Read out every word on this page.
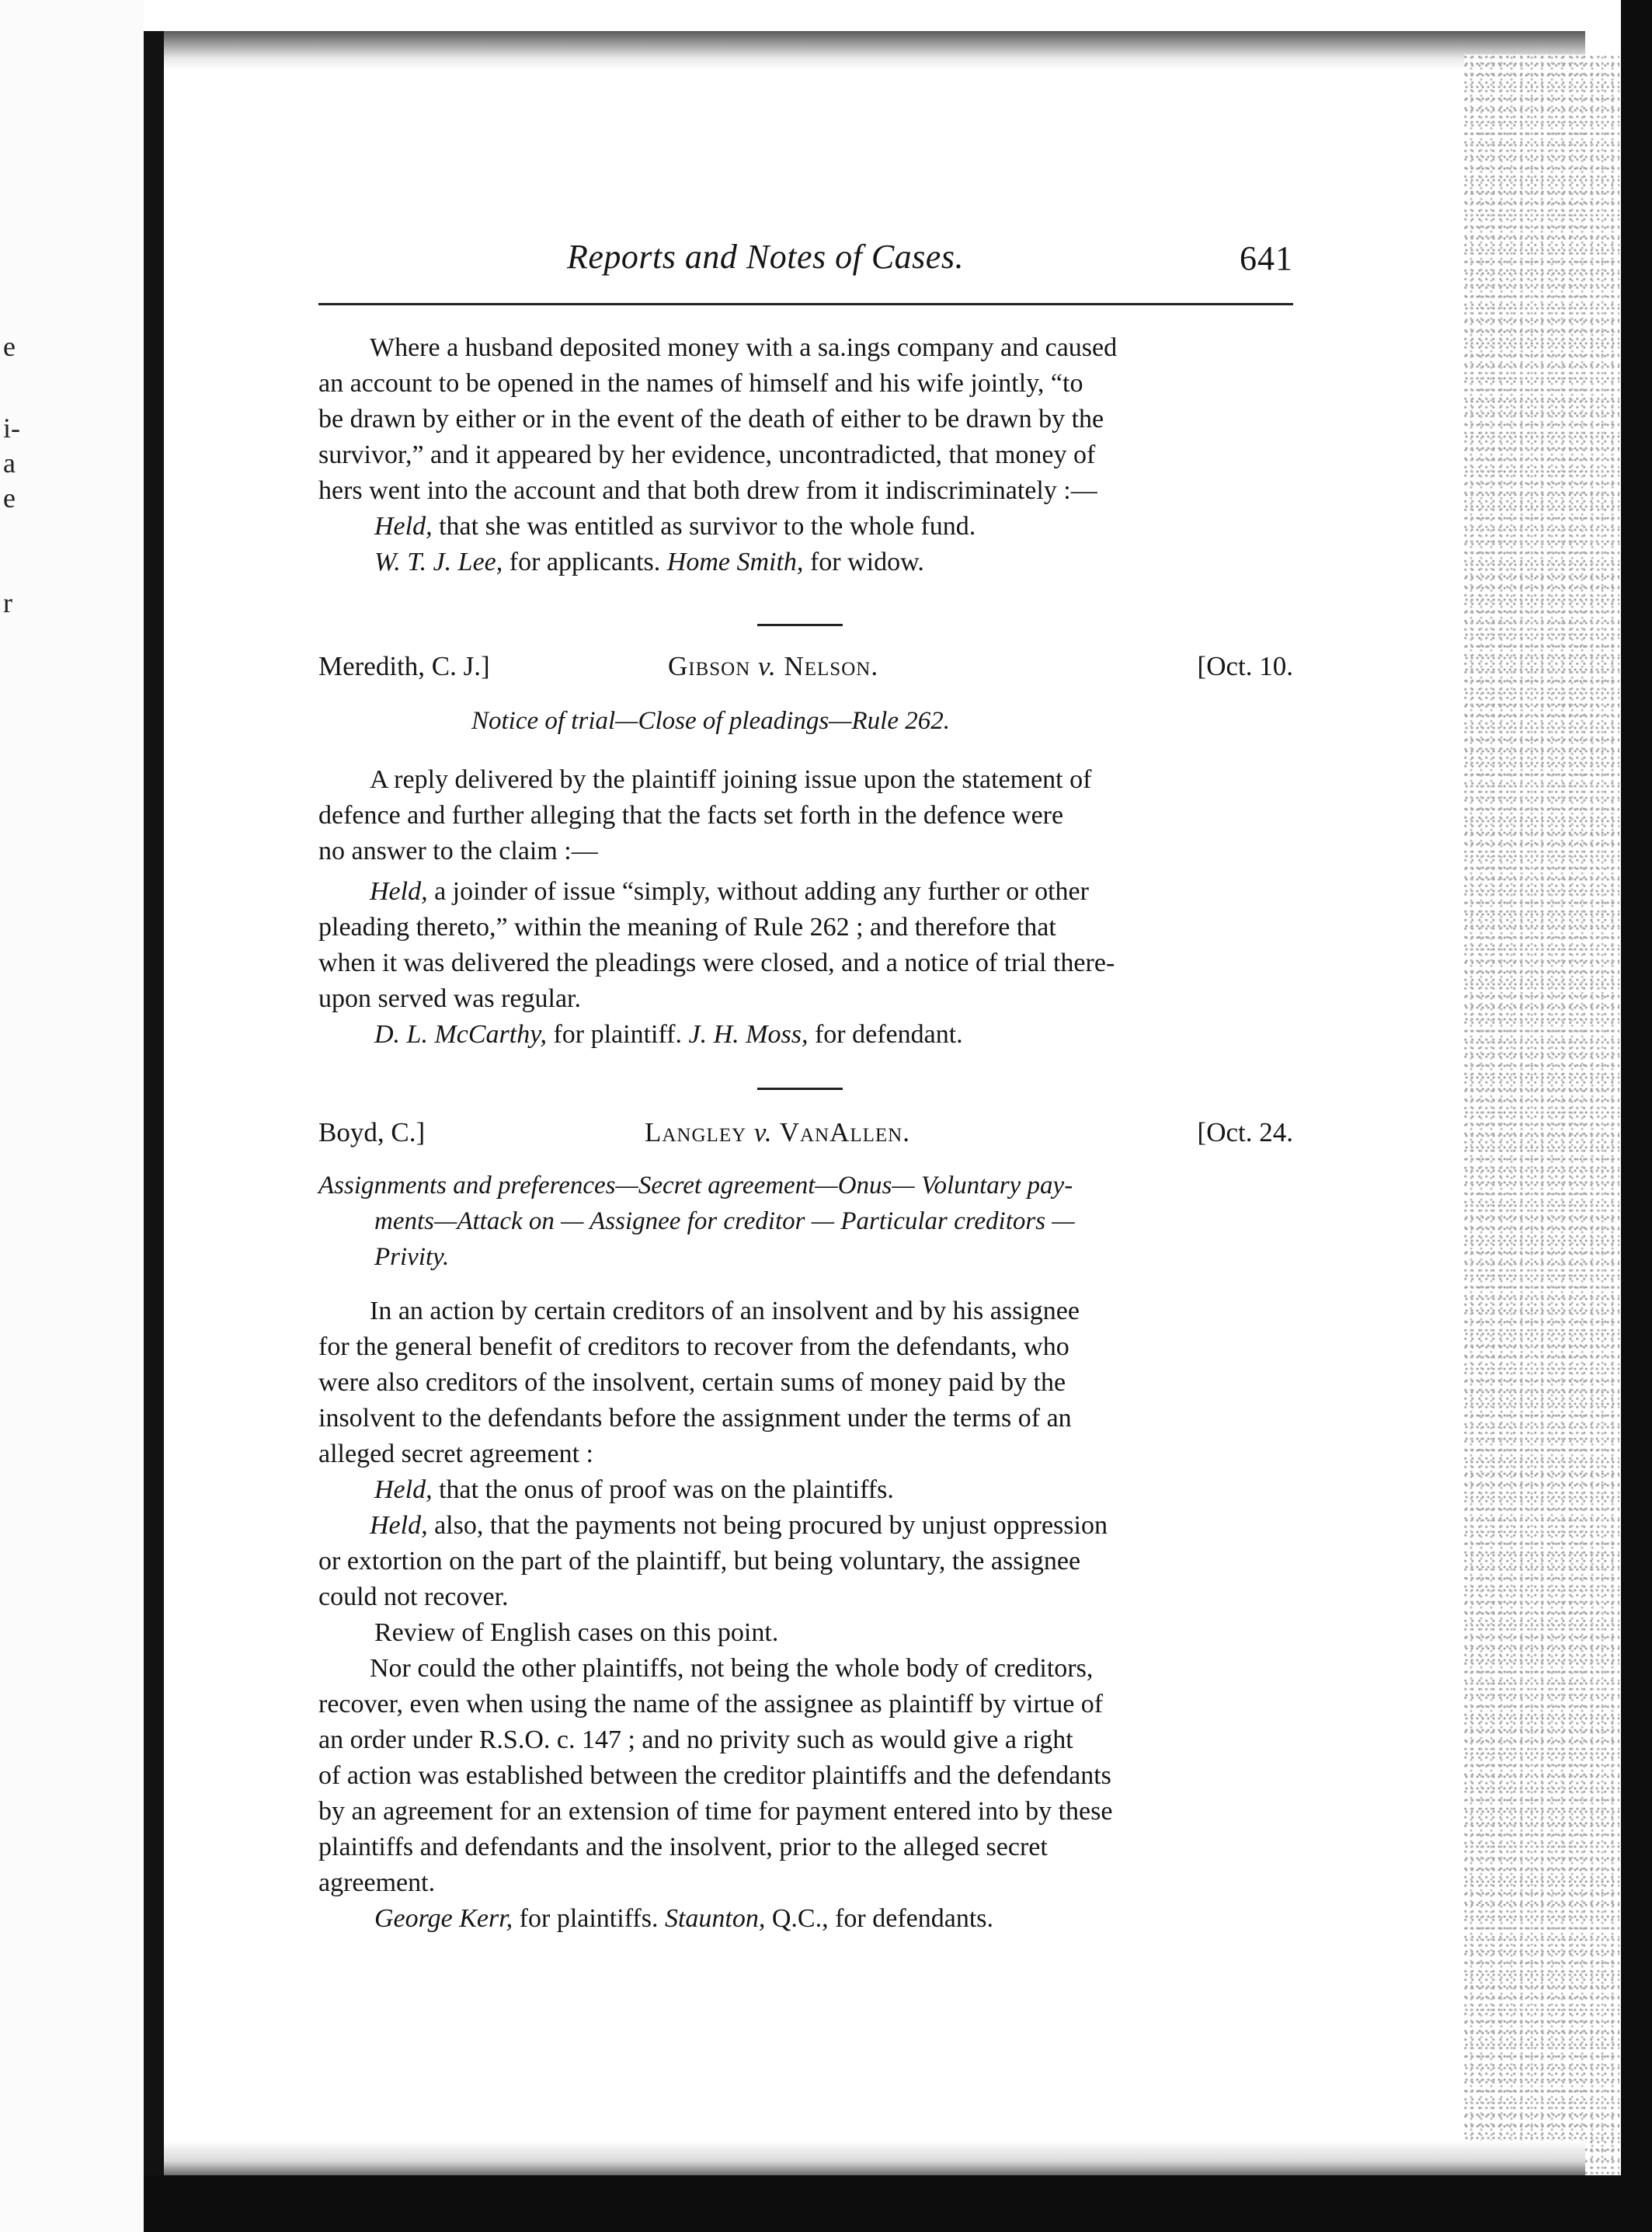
e
i-
a
e
r
Reports and Notes of Cases.	641

Where a husband deposited money with a sa.ings company and caused
an account to be opened in the names of himself and his wife jointly, “to
be drawn by either or in the event of the death of either to be drawn by the
survivor,” and it appeared by her evidence, uncontradicted, that money of
hers went into the account and that both drew from it indiscriminately :—

Held, that she was entitled as survivor to the whole fund.

W. T. J. Lee, for applicants. Home Smith, for widow.

Meredith, C. J.]	Gibson v. Nelson.	[Oct. 10.
Notice of trial—Close of pleadings—Rule 262.

A reply delivered by the plaintiff joining issue upon the statement of
defence and further alleging that the facts set forth in the defence were
no answer to the claim :—

Held, a joinder of issue “simply, without adding any further or other
pleading thereto,” within the meaning of Rule 262 ; and therefore that
when it was delivered the pleadings were closed, and a notice of trial there-
upon served was regular.

D. L. McCarthy, for plaintiff. J. H. Moss, for defendant.

Boyd, C.]	Langley v. VanAllen.	[Oct. 24.
Assignments and preferences—Secret agreement—Onus— Voluntary pay-
ments—Attack on — Assignee for creditor — Particular creditors —
Privity.

In an action by certain creditors of an insolvent and by his assignee
for the general benefit of creditors to recover from the defendants, who
were also creditors of the insolvent, certain sums of money paid by the
insolvent to the defendants before the assignment under the terms of an
alleged secret agreement :

Held, that the onus of proof was on the plaintiffs.

Held, also, that the payments not being procured by unjust oppression
or extortion on the part of the plaintiff, but being voluntary, the assignee
could not recover.

Review of English cases on this point.

Nor could the other plaintiffs, not being the whole body of creditors,
recover, even when using the name of the assignee as plaintiff by virtue of
an order under R.S.O. c. 147 ; and no privity such as would give a right
of action was established between the creditor plaintiffs and the defendants
by an agreement for an extension of time for payment entered into by these
plaintiffs and defendants and the insolvent, prior to the alleged secret
agreement.

George Kerr, for plaintiffs. Staunton, Q.C., for defendants.
